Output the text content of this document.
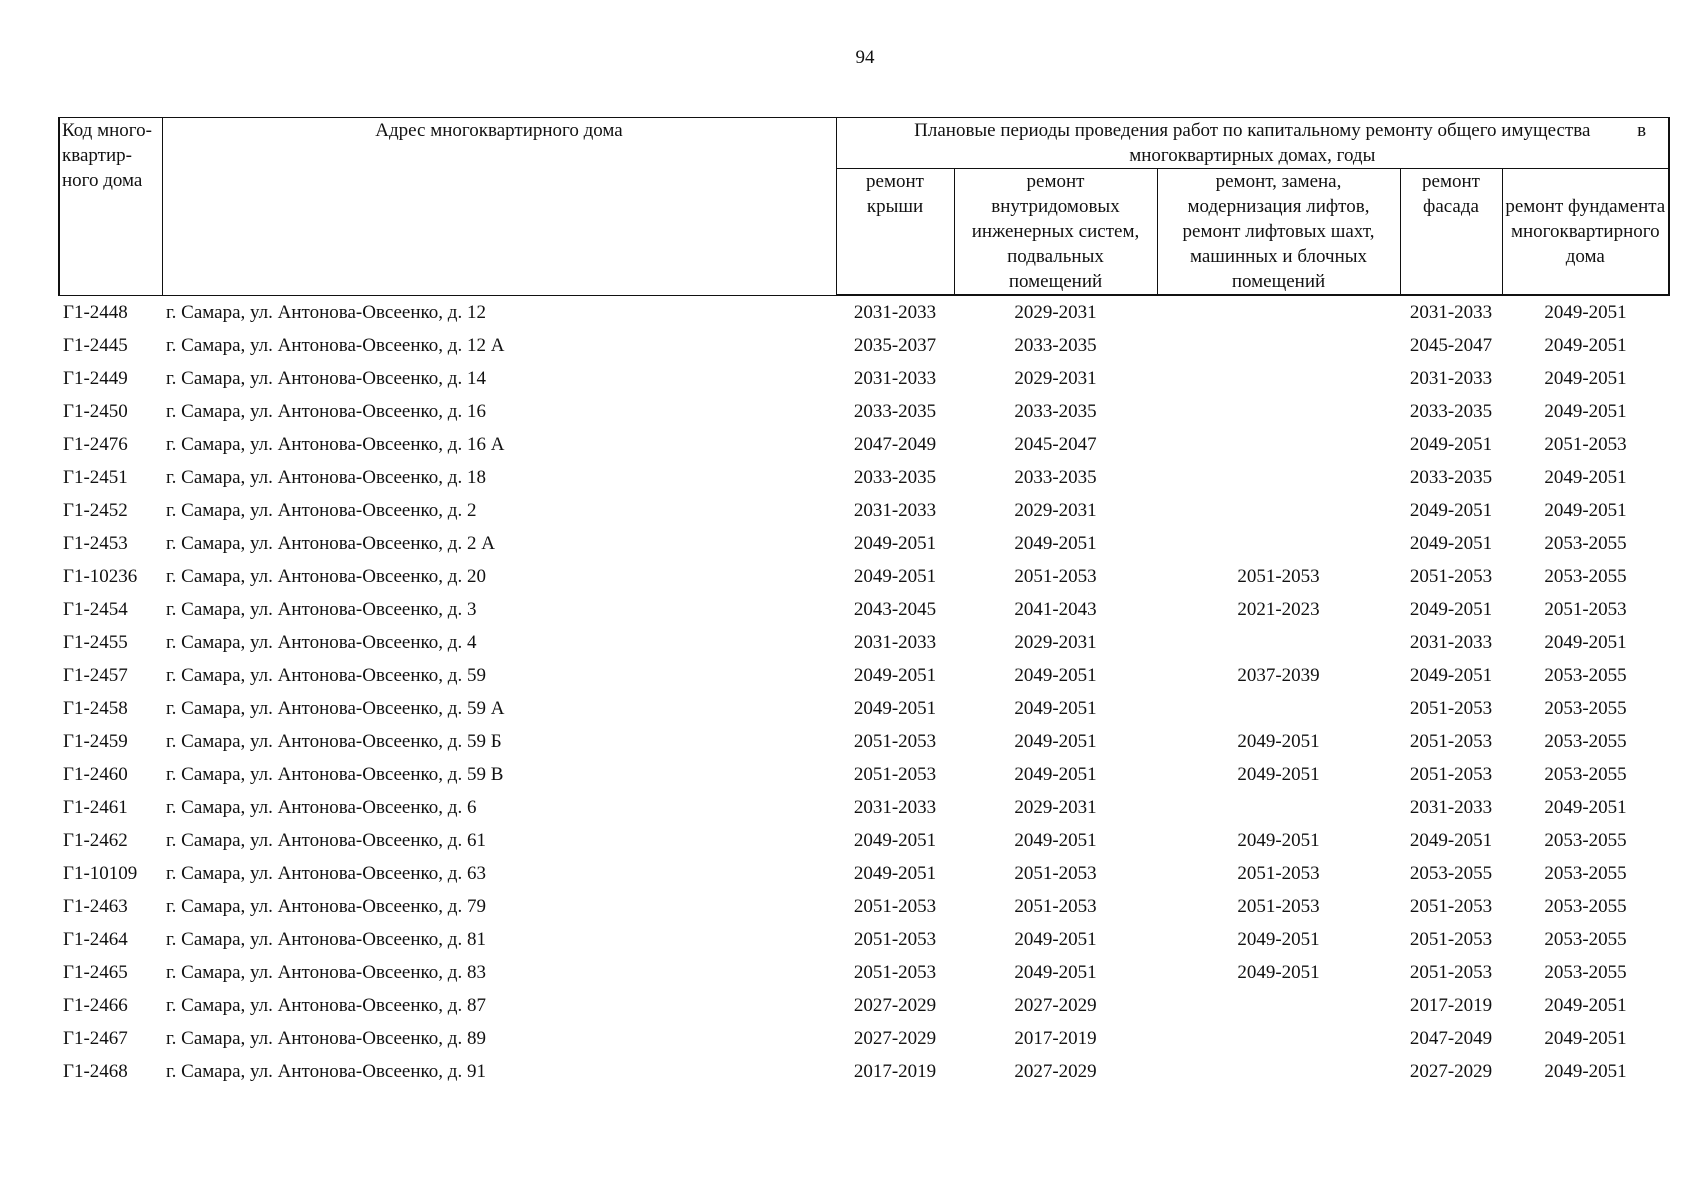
94
Код много-
квартир-
ного дома	Адрес многоквартирного дома	Плановые периоды проведения работ по капитальному ремонту общего имущества в

многоквартирных домах, годы				
		ремонт
крыши	ремонт
внутридомовых
инженерных систем,
подвальных
помещений	ремонт, замена,
модернизация лифтов,
ремонт лифтовых шахт,
машинных и блочных
помещений	ремонт
фасада	ремонт фундамента
многоквартирного
дома

Г1-2448	г. Самара, ул. Антонова-Овсеенко, д. 12	2031-2033	2029-2031		2031-2033	2049-2051
Г1-2445	г. Самара, ул. Антонова-Овсеенко, д. 12 А	2035-2037	2033-2035		2045-2047	2049-2051
Г1-2449	г. Самара, ул. Антонова-Овсеенко, д. 14	2031-2033	2029-2031		2031-2033	2049-2051
Г1-2450	г. Самара, ул. Антонова-Овсеенко, д. 16	2033-2035	2033-2035		2033-2035	2049-2051
Г1-2476	г. Самара, ул. Антонова-Овсеенко, д. 16 А	2047-2049	2045-2047		2049-2051	2051-2053
Г1-2451	г. Самара, ул. Антонова-Овсеенко, д. 18	2033-2035	2033-2035		2033-2035	2049-2051
Г1-2452	г. Самара, ул. Антонова-Овсеенко, д. 2	2031-2033	2029-2031		2049-2051	2049-2051
Г1-2453	г. Самара, ул. Антонова-Овсеенко, д. 2 А	2049-2051	2049-2051		2049-2051	2053-2055
Г1-10236	г. Самара, ул. Антонова-Овсеенко, д. 20	2049-2051	2051-2053	2051-2053	2051-2053	2053-2055
Г1-2454	г. Самара, ул. Антонова-Овсеенко, д. 3	2043-2045	2041-2043	2021-2023	2049-2051	2051-2053
Г1-2455	г. Самара, ул. Антонова-Овсеенко, д. 4	2031-2033	2029-2031		2031-2033	2049-2051
Г1-2457	г. Самара, ул. Антонова-Овсеенко, д. 59	2049-2051	2049-2051	2037-2039	2049-2051	2053-2055
Г1-2458	г. Самара, ул. Антонова-Овсеенко, д. 59 А	2049-2051	2049-2051		2051-2053	2053-2055
Г1-2459	г. Самара, ул. Антонова-Овсеенко, д. 59 Б	2051-2053	2049-2051	2049-2051	2051-2053	2053-2055
Г1-2460	г. Самара, ул. Антонова-Овсеенко, д. 59 В	2051-2053	2049-2051	2049-2051	2051-2053	2053-2055
Г1-2461	г. Самара, ул. Антонова-Овсеенко, д. 6	2031-2033	2029-2031		2031-2033	2049-2051
Г1-2462	г. Самара, ул. Антонова-Овсеенко, д. 61	2049-2051	2049-2051	2049-2051	2049-2051	2053-2055
Г1-10109	г. Самара, ул. Антонова-Овсеенко, д. 63	2049-2051	2051-2053	2051-2053	2053-2055	2053-2055
Г1-2463	г. Самара, ул. Антонова-Овсеенко, д. 79	2051-2053	2051-2053	2051-2053	2051-2053	2053-2055
Г1-2464	г. Самара, ул. Антонова-Овсеенко, д. 81	2051-2053	2049-2051	2049-2051	2051-2053	2053-2055
Г1-2465	г. Самара, ул. Антонова-Овсеенко, д. 83	2051-2053	2049-2051	2049-2051	2051-2053	2053-2055
Г1-2466	г. Самара, ул. Антонова-Овсеенко, д. 87	2027-2029	2027-2029		2017-2019	2049-2051
Г1-2467	г. Самара, ул. Антонова-Овсеенко, д. 89	2027-2029	2017-2019		2047-2049	2049-2051
Г1-2468	г. Самара, ул. Антонова-Овсеенко, д. 91	2017-2019	2027-2029		2027-2029	2049-2051
